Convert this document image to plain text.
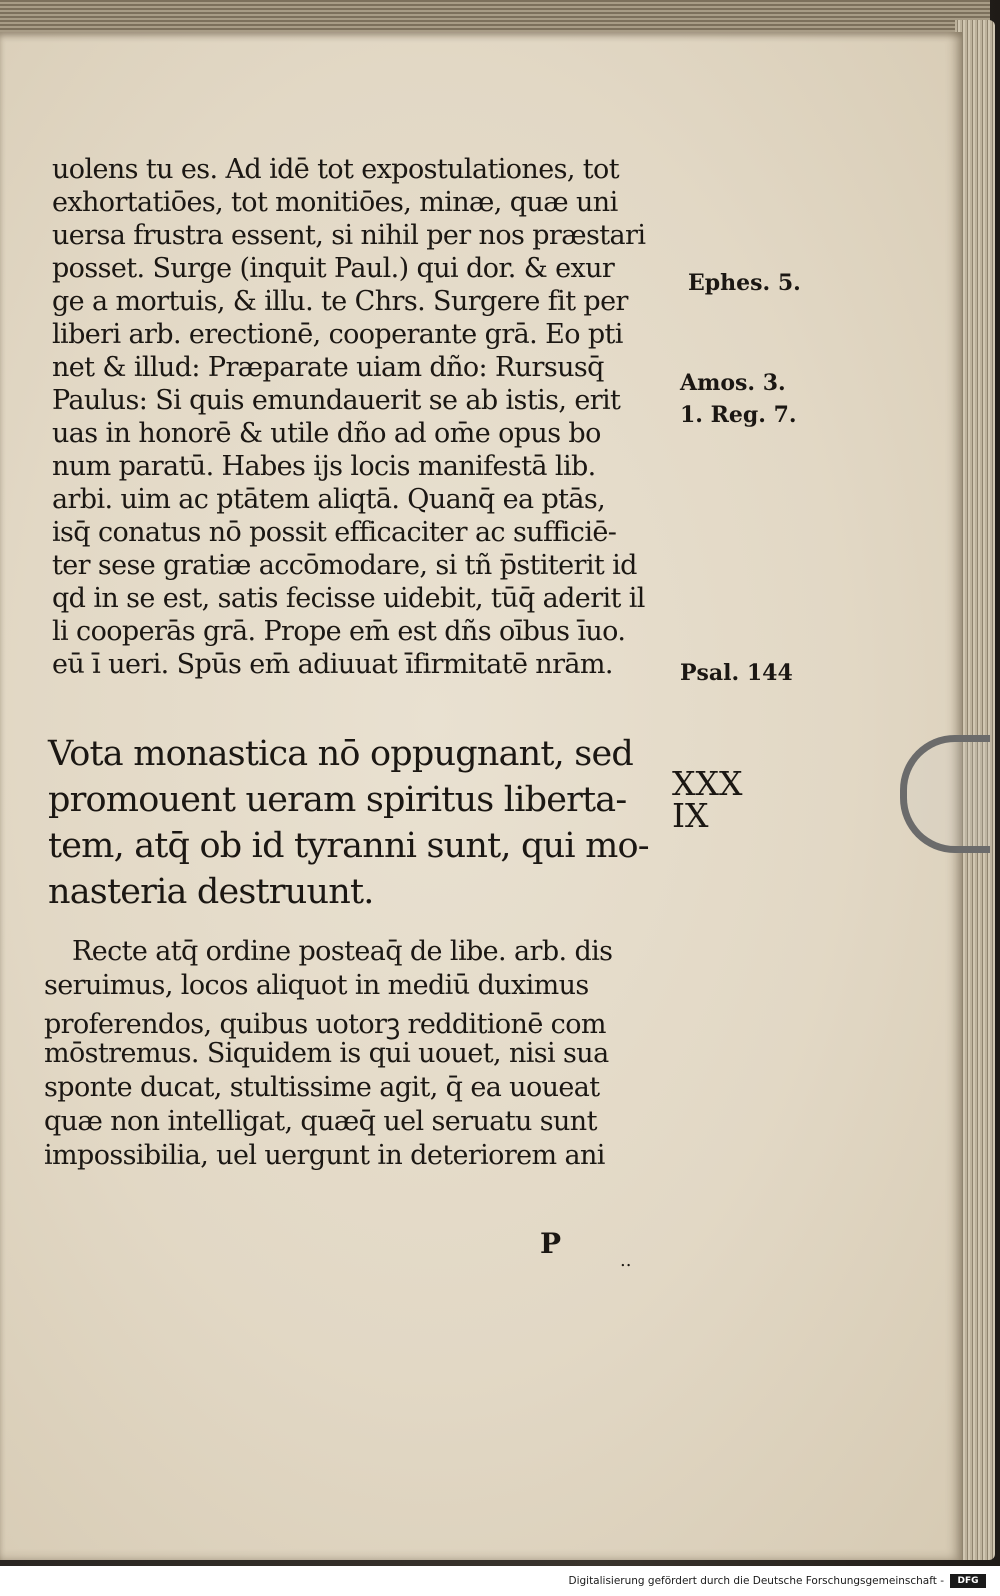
uolens tu es. Ad idē tot expostulationes, tot
exhortatiōes, tot monitiōes, minæ, quæ uni
uersa frustra essent, si nihil per nos præstari
posset. Surge (inquit Paul.) qui dor. & exur
ge a mortuis, & illu. te Chrs. Surgere fit per
liberi arb. erectionē, cooperante grā. Eo pti
net & illud: Præparate uiam dño: Rursusq̄
Paulus: Si quis emundauerit se ab istis, erit
uas in honorē & utile dño ad om̄e opus bo
num paratū. Habes ijs locis manifestā lib.
arbi. uim ac ptātem aliqtā. Quanq̄ ea ptās,
isq̄ conatus nō possit efficaciter ac sufficiē-
ter sese gratiæ accōmodare, si tñ p̄stiterit id
qd in se est, satis fecisse uidebit, tūq̄ aderit il
li cooperās grā. Prope em̄ est dñs oībus īuo.
eū ī ueri. Spūs em̄ adiuuat īfirmitatē nrām.
Vota monastica nō oppugnant, sed
promouent ueram spiritus liberta-
tem, atq̄ ob id tyranni sunt, qui mo-
nasteria destruunt.
Recte atq̄ ordine posteaq̄ de libe. arb. dis
seruimus, locos aliquot in mediū duximus
proferendos, quibus uotorꝫ redditionē com
mōstremus. Siquidem is qui uouet, nisi sua
sponte ducat, stultissime agit, q̄ ea uoueat
quæ non intelligat, quæq̄ uel seruatu sunt
impossibilia, uel uergunt in deteriorem ani
Ephes. 5.
Amos. 3.
1. Reg. 7.
Psal. 144
XXX
IX
P
..
Digitalisierung gefördert durch die Deutsche Forschungsgemeinschaft -	DFG
